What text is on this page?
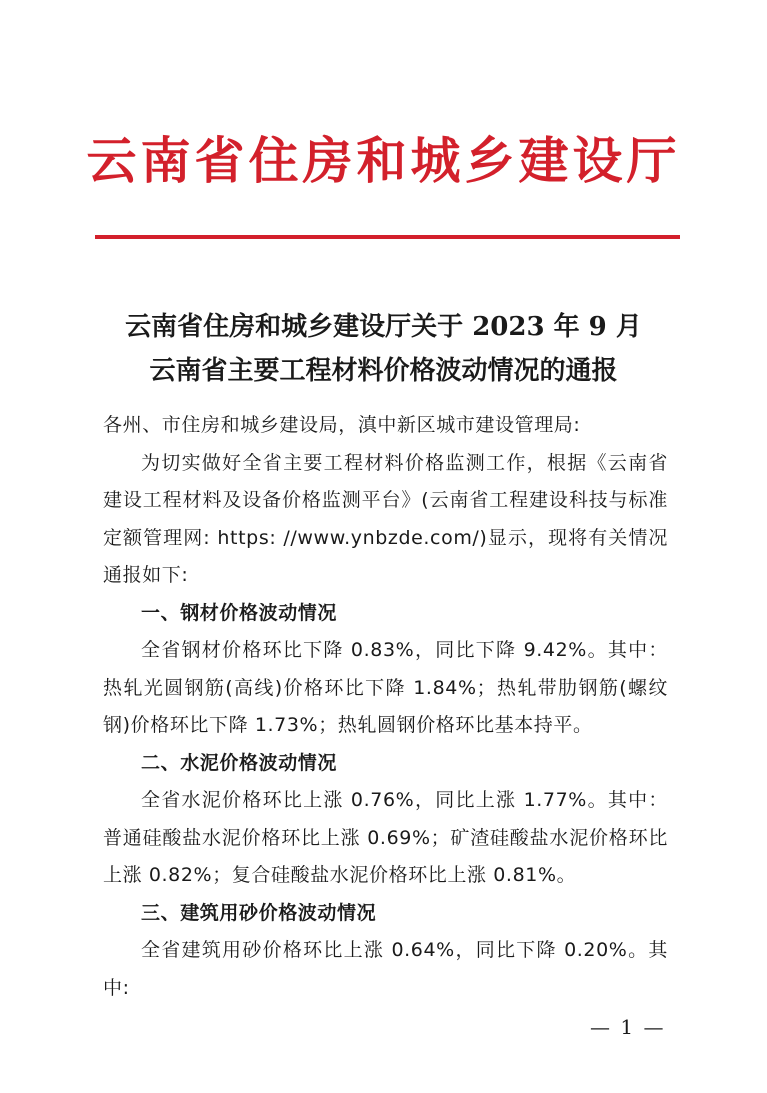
云南省住房和城乡建设厅
云南省住房和城乡建设厅关于 2023 年 9 月
云南省主要工程材料价格波动情况的通报

各州、市住房和城乡建设局，滇中新区城市建设管理局:

为切实做好全省主要工程材料价格监测工作，根据《云南省建设工程材料及设备价格监测平台》(云南省工程建设科技与标准定额管理网: https: //www.ynbzde.com/)显示，现将有关情况通报如下:

一、钢材价格波动情况

全省钢材价格环比下降 0.83%，同比下降 9.42%。其中：热轧光圆钢筋(高线)价格环比下降 1.84%；热轧带肋钢筋(螺纹钢)价格环比下降 1.73%；热轧圆钢价格环比基本持平。

二、水泥价格波动情况

全省水泥价格环比上涨 0.76%，同比上涨 1.77%。其中：普通硅酸盐水泥价格环比上涨 0.69%；矿渣硅酸盐水泥价格环比上涨 0.82%；复合硅酸盐水泥价格环比上涨 0.81%。

三、建筑用砂价格波动情况

全省建筑用砂价格环比上涨 0.64%，同比下降 0.20%。其中:

— 1 —
